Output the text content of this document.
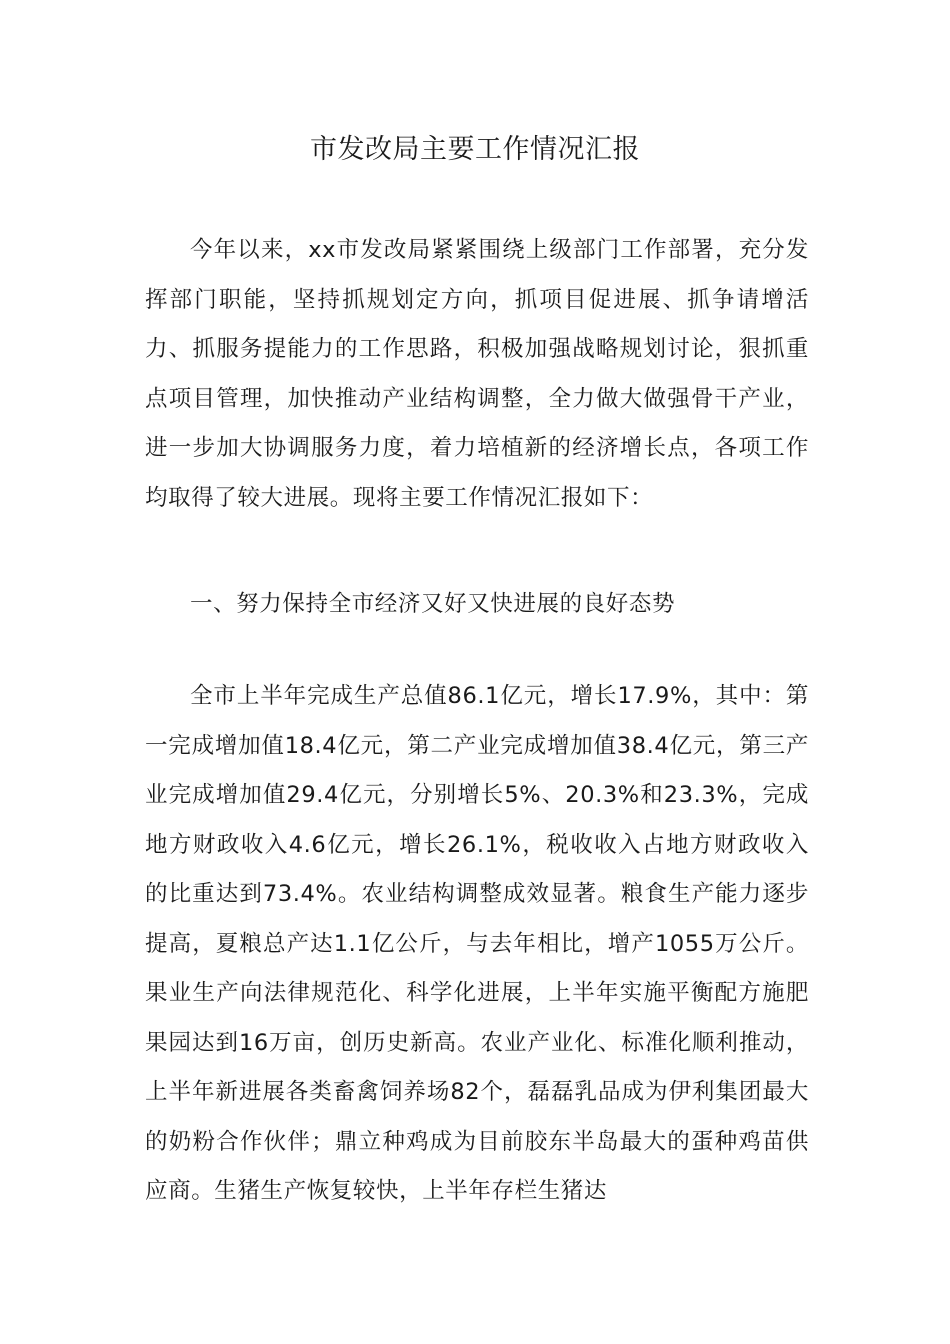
市发改局主要工作情况汇报

今年以来，xx市发改局紧紧围绕上级部门工作部署，充分发挥部门职能，坚持抓规划定方向，抓项目促进展、抓争请增活力、抓服务提能力的工作思路，积极加强战略规划讨论，狠抓重点项目管理，加快推动产业结构调整，全力做大做强骨干产业，进一步加大协调服务力度，着力培植新的经济增长点，各项工作均取得了较大进展。现将主要工作情况汇报如下：

一、努力保持全市经济又好又快进展的良好态势

全市上半年完成生产总值86.1亿元，增长17.9%，其中：第一完成增加值18.4亿元，第二产业完成增加值38.4亿元，第三产业完成增加值29.4亿元，分别增长5%、20.3%和23.3%，完成地方财政收入4.6亿元，增长26.1%，税收收入占地方财政收入的比重达到73.4%。农业结构调整成效显著。粮食生产能力逐步提高，夏粮总产达1.1亿公斤，与去年相比，增产1055万公斤。果业生产向法律规范化、科学化进展，上半年实施平衡配方施肥果园达到16万亩，创历史新高。农业产业化、标准化顺利推动，上半年新进展各类畜禽饲养场82个，磊磊乳品成为伊利集团最大的奶粉合作伙伴；鼎立种鸡成为目前胶东半岛最大的蛋种鸡苗供应商。生猪生产恢复较快，上半年存栏生猪达
